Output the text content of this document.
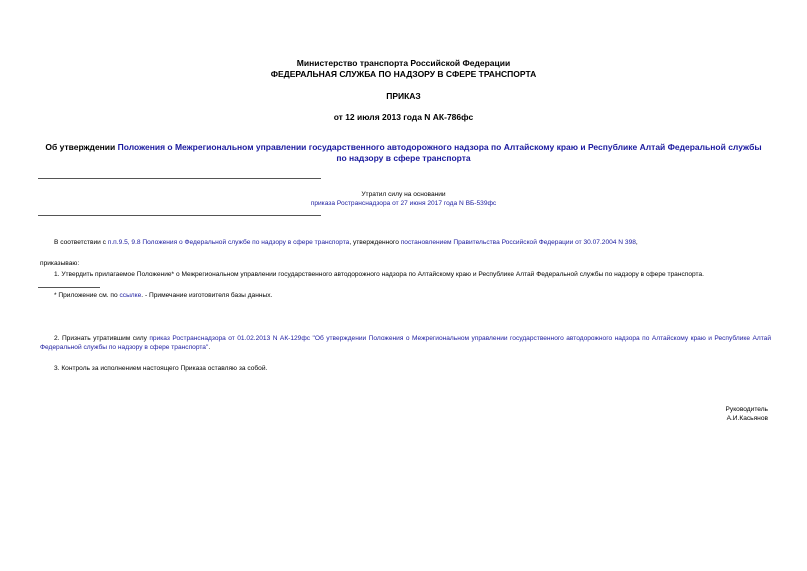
Министерство транспорта Российской Федерации
ФЕДЕРАЛЬНАЯ СЛУЖБА ПО НАДЗОРУ В СФЕРЕ ТРАНСПОРТА
ПРИКАЗ
от 12 июля 2013 года N АК-786фс
Об утверждении Положения о Межрегиональном управлении государственного автодорожного надзора по Алтайскому краю и Республике Алтай Федеральной службы по надзору в сфере транспорта
Утратил силу на основании
приказа Ространснадзора от 27 июня 2017 года N ВБ-539фс
В соответствии с п.п.9.5, 9.8 Положения о Федеральной службе по надзору в сфере транспорта, утвержденного постановлением Правительства Российской Федерации от 30.07.2004 N 398,
приказываю:
1. Утвердить прилагаемое Положение* о Межрегиональном управлении государственного автодорожного надзора по Алтайскому краю и Республике Алтай Федеральной службы по надзору в сфере транспорта.
* Приложение см. по ссылке. - Примечание изготовителя базы данных.
2. Признать утратившим силу приказ Ространснадзора от 01.02.2013 N АК-129фс "Об утверждении Положения о Межрегиональном управлении государственного автодорожного надзора по Алтайскому краю и Республике Алтай Федеральной службы по надзору в сфере транспорта".
3. Контроль за исполнением настоящего Приказа оставляю за собой.
Руководитель
А.И.Касьянов
